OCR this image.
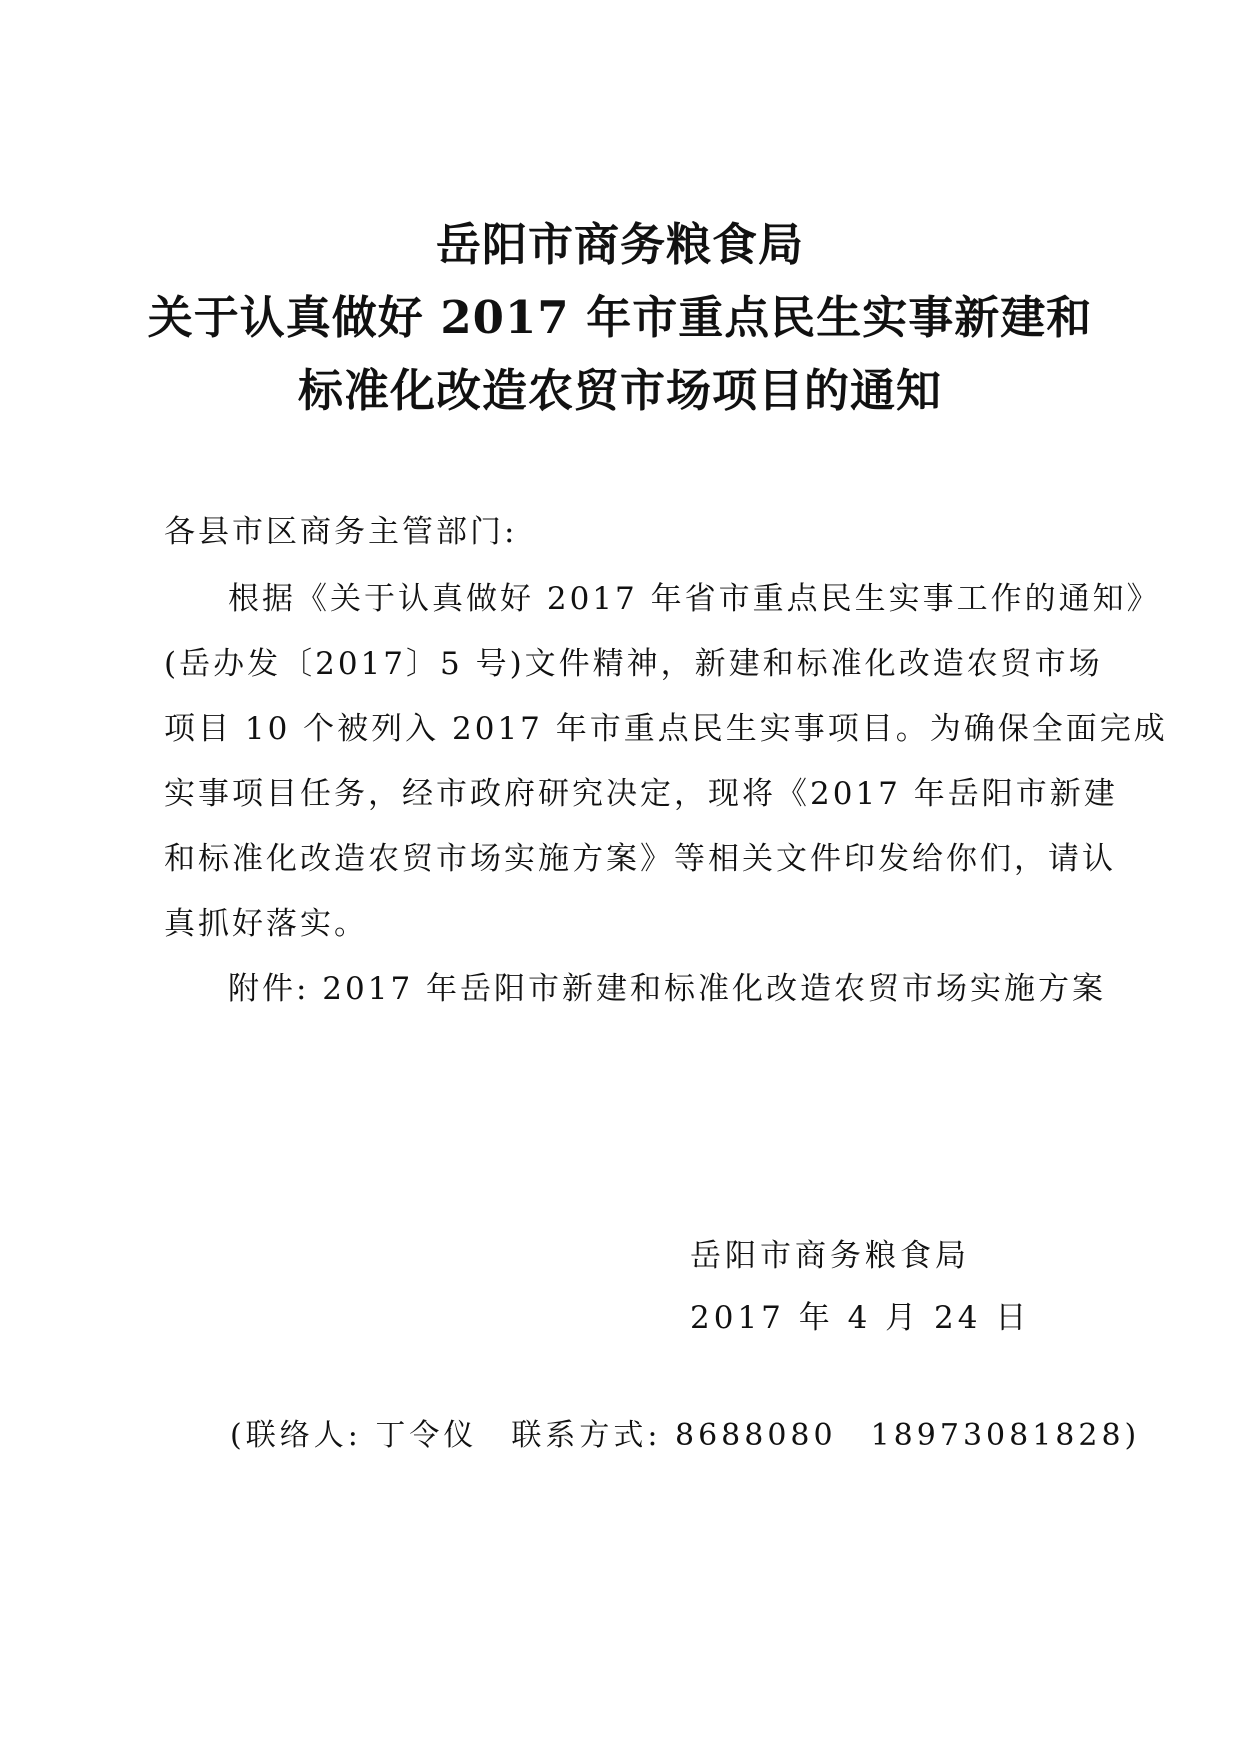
岳阳市商务粮食局
关于认真做好 2017 年市重点民生实事新建和
标准化改造农贸市场项目的通知
各县市区商务主管部门:
根据《关于认真做好 2017 年省市重点民生实事工作的通知》
(岳办发〔2017〕5 号)文件精神，新建和标准化改造农贸市场
项目 10 个被列入 2017 年市重点民生实事项目。为确保全面完成
实事项目任务，经市政府研究决定，现将《2017 年岳阳市新建
和标准化改造农贸市场实施方案》等相关文件印发给你们，请认
真抓好落实。
附件: 2017 年岳阳市新建和标准化改造农贸市场实施方案
岳阳市商务粮食局
2017 年 4 月 24 日
(联络人: 丁令仪　联系方式: 8688080　18973081828)
